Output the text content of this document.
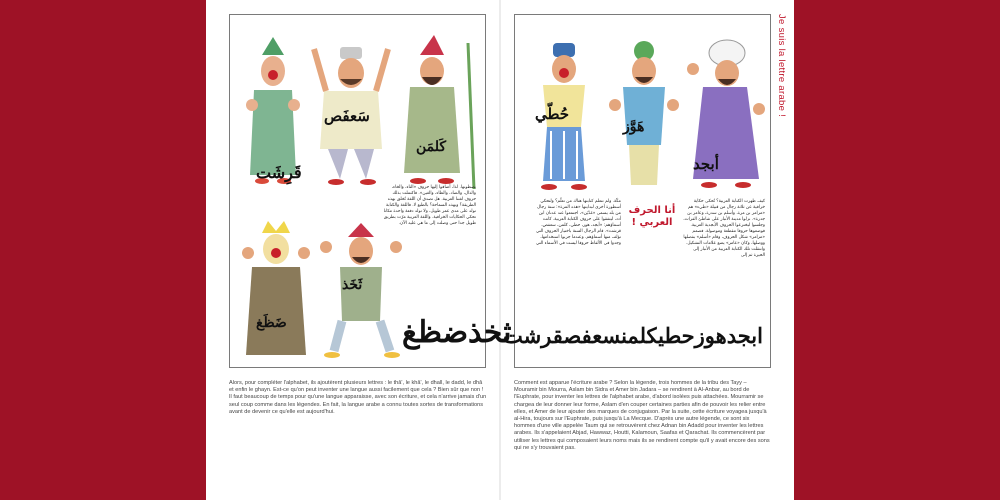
قَرِشَت
سَعفَص
كَلمَن
يصطونها. لذا، أضافوا إليها حروف «الثاء، والخاء، والذال، والضاد، والظاء، والغين». فاكتملت بذلك حروف لغتنا العربية. هل تصدق أن اللغة تُخلق بهذه الطريقة؟ وبهذه السماحة؟ بالطبع لا. فاللغة والكتابة تولد على مدى عمر طويل، ولا تولد دفعة واحدة مكانا تحكي الحكايات الخرافية. واللغة العربية مرّت بطريق طويل جدا حتى وصلت إلى ما هي عليه الآن.
ضَظَغ
ثَخَذ
ثخذضظغ
حُطّي
هَوَّز
أبجد
مكّة. ولم تتعلم كتابتها هناك من تعلّم؟ ولتحكي أسطورة أخرى لبدايتها «هذه المرة»: ستة رجال من بلد يسمى «مَدْيَن»، اجتمعوا عند عدنان ابن أدد، ليتفقوا على حروف الكتابة العربية. كانت أسماؤهم: «أبجد، هوز، حطي، كلمن، سعفص، قرشت». قام الرجال الستة باختيار الحروف التي تؤلف منها أسماؤهم. وعندما جربوا استخدامها، وجدوا في الألفاظ حروفا ليست في الأسماء التي
أنا الحرف العربي !
كيف ظهرت الكتابة العربية؟ تُحكى حكاية خرافية عن ثلاثة رجال من قبيلة «طيء» هم «مرامر بن مرة، وأسلم بن سدرة، وعامر بن جدرة». نزلوا مدينة الأنبار على شاطئ الفرات، وجلسوا ليخترعوا الحروف الأبجدية العربية. فوضعوها حروفا مقطعة وموصولة. فصمم «مرامر» شكل الحروف، وقام «أسلم» بفصلها ووصلها، وكان «عامر» يضع علامات التشكيل. وانتقلت تلك الكتابة العربية من الأنبار إلى الحيرة ثم إلى
ابجدهوزحطيكلمنسعفصقرشت
Alors, pour compléter l'alphabet, ils ajoutèrent plusieurs lettres : le thâ', le khâ', le dhall, le dadd, le dhâ et enfin le ghayn. Est-ce qu'on peut inventer une langue aussi facilement que cela ? Bien sûr que non ! Il faut beaucoup de temps pour qu'une langue apparaisse, avec son écriture, et cela n'arrive jamais d'un seul coup comme dans les légendes. En fait, la langue arabe a connu toutes sortes de transformations avant de devenir ce qu'elle est aujourd'hui.
Comment est apparue l'écriture arabe ? Selon la légende, trois hommes de la tribu des Tayy – Mouramir bin Mourra, Aslam bin Sidra et Amer bin Jadara – se rendirent à Al-Anbar, au bord de l'Euphrate, pour inventer les lettres de l'alphabet arabe, d'abord isolées puis attachées. Mourramir se chargea de leur donner leur forme, Aslam d'en couper certaines parties afin de pouvoir les relier entre elles, et Amer de leur ajouter des marques de conjugaison. Par la suite, cette écriture voyagea jusqu'à al-Hira, toujours sur l'Euphrate, puis jusqu'à La Mecque. D'après une autre légende, ce sont six hommes d'une ville appelée Taum qui se retrouvèrent chez Adnan bin Adadd pour inventer les lettres arabes. Ils s'appelaient Abjad, Hawwaz, Houtti, Kalamoun, Saafas et Qarachat. Ils commencèrent par utiliser les lettres qui composaient leurs noms mais ils se rendirent compte qu'il y avait encore des sons qui ne s'y trouvaient pas.
Je suis la lettre arabe !
